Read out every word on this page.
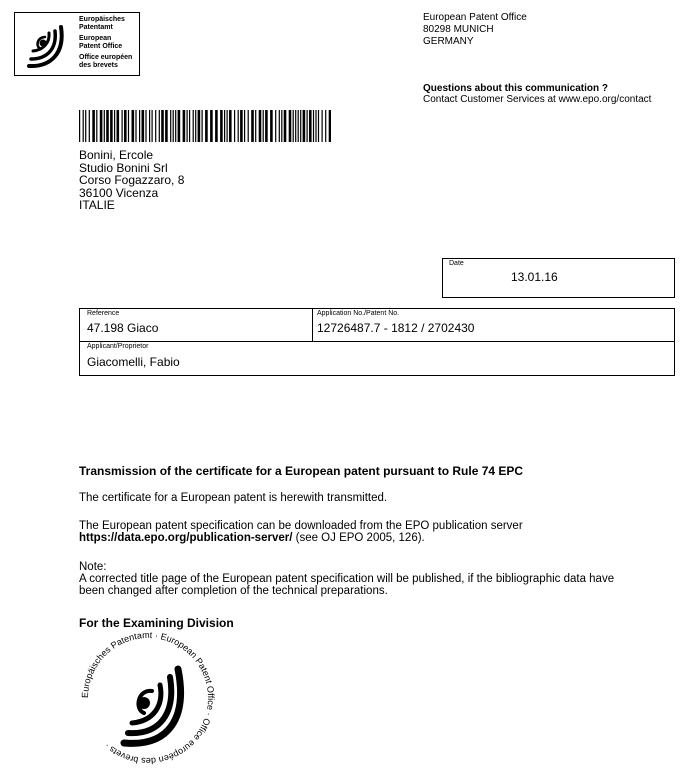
Europäisches
Patentamt
European
Patent Office
Office européen
des brevets
European Patent Office
80298 MUNICH
GERMANY
Questions about this communication ?
Contact Customer Services at www.epo.org/contact
Bonini, Ercole
Studio Bonini Srl
Corso Fogazzaro, 8
36100 Vicenza
ITALIE
Date
13.01.16
Reference
47.198 Giaco
Application No./Patent No.
12726487.7 - 1812 / 2702430
Applicant/Proprietor
Giacomelli, Fabio
Transmission of the certificate for a European patent pursuant to Rule 74 EPC
The certificate for a European patent is herewith transmitted.
The European patent specification can be downloaded from the EPO publication server
https://data.epo.org/publication-server/ (see OJ EPO 2005, 126).
Note:
A corrected title page of the European patent specification will be published, if the bibliographic data have
been changed after completion of the technical preparations.
For the Examining Division
Europäisches Patentamt · European Patent Office · Office européen des brevets ·
